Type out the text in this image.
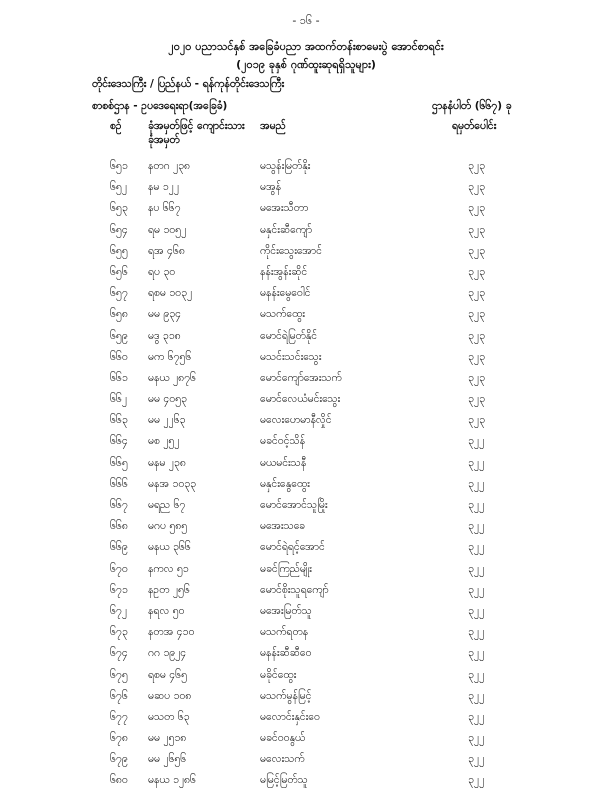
- ၁၆ -
၂၀၂၀ ပညာသင်နှစ် အခြေခံပညာ အထက်တန်းစာမေးပွဲ အောင်စာရင်း
(၂၀၁၉ ခုနှစ် ဂုဏ်ထူးဆုရရှိသူများ)
တိုင်းဒေသကြီး / ပြည်နယ် - ရန်ကုန်တိုင်းဒေသကြီး
စာစစ်ဌာန - ဥပဒေရေးရာ(အခြေခံ)	ဌာနနံပါတ် (၆၆၇) ခု
စဉ်	ခုံအမှတ်ဖြင့် ကျောင်းသား
ခုံအမှတ်
အမည်	ရမှတ်ပေါင်း
၆၅၁ နတဂ ၂၃၈	မသွန်းမြတ်နိုး	၃၂၃
၆၅၂ နမ ၁၂၂	မအွန်	၃၂၃
၆၅၃ နပ ၆၆၇	မအေးသီတာ	၃၂၃
၆၅၄ ရမ ၁၀၅၂	မနှင်းဆီကျော်	၃၂၃
၆၅၅ ရအ ၄၆၈	ကိုင်းသွေးအောင်	၃၂၃
၆၅၆ ရပ ၃၀	နန်းအွန်းဆိုင်	၃၂၃
၆၅၇ ရစမ ၁၀၃၂	မနန်းမွေဝေါင်	၃၂၃
၆၅၈ မမ ၉၃၄	မသက်ထွေး	၃၂၃
၆၅၉ မဒွ ၃၁၈	မောင်ရဲမြတ်နိုင်	၃၂၃
၆၆၀ မက ၆၇၅၆	မသင်းသင်းသွေး	၃၂၃
၆၆၁ မနယ ၂၈၇၆	မောင်ကျော်အေးသက်	၃၂၃
၆၆၂ မမ ၄၀၅၃	မောင်လေယံမင်းသွေး	၃၂၃
၆၆၃ မမ ၂၂၆၃	မလေးဟေမာနီလှိုင်	၃၂၃
၆၆၄ မစ ၂၅၂	မခင်ဝင့်သိန်	၃၂၂
၆၆၅ မနမ ၂၃၈	မယမင်းသနီ	၃၂၂
၆၆၆ မနအ ၁၀၃၃	မနှင်းနွေထွေး	၃၂၂
၆၆၇ မရည ၆၇	မောင်အောင်သူမြိုး	၃၂၂
၆၆၈ မဂပ ၅၈၅	မအေးသခေ	၃၂၂
၆၆၉ မနယ ၃၆၆	မောင်ရဲရင့်အောင်	၃၂၂
၆၇၀ နကလ ၅၁	မခင်ကြည်မျိုး	၃၂၂
၆၇၁ နဥတ ၂၅၆	မောင်စိုးသူရကျော်	၃၂၂
၆၇၂ နရလ ၅၀	မအေးမြတ်သူ	၃၂၂
၆၇၃ နတအ ၄၁၀	မသက်ရတန	၃၂၂
၆၇၄ ဂဂ ၁၉၂၄	မနန်းဆီဆီဝေ	၃၂၂
၆၇၅ ရစမ ၄၆၅	မခိုင်ထွေး	၃၂၂
၆၇၆ မဆပ ၁၀၈	မသက်မွန်မြင့်	၃၂၂
၆၇၇ မသတ ၆၃	မလောင်းနှင်းဝေ	၃၂၂
၆၇၈ မမ ၂၅၁၈	မခင်ဝဝနွယ်	၃၂၂
၆၇၉ မမ ၂၆၅၆	မလေးသက်	၃၂၂
၆၈၀ မနယ ၁၂၈၆	မမြင့်မြတ်သူ	၃၂၂
